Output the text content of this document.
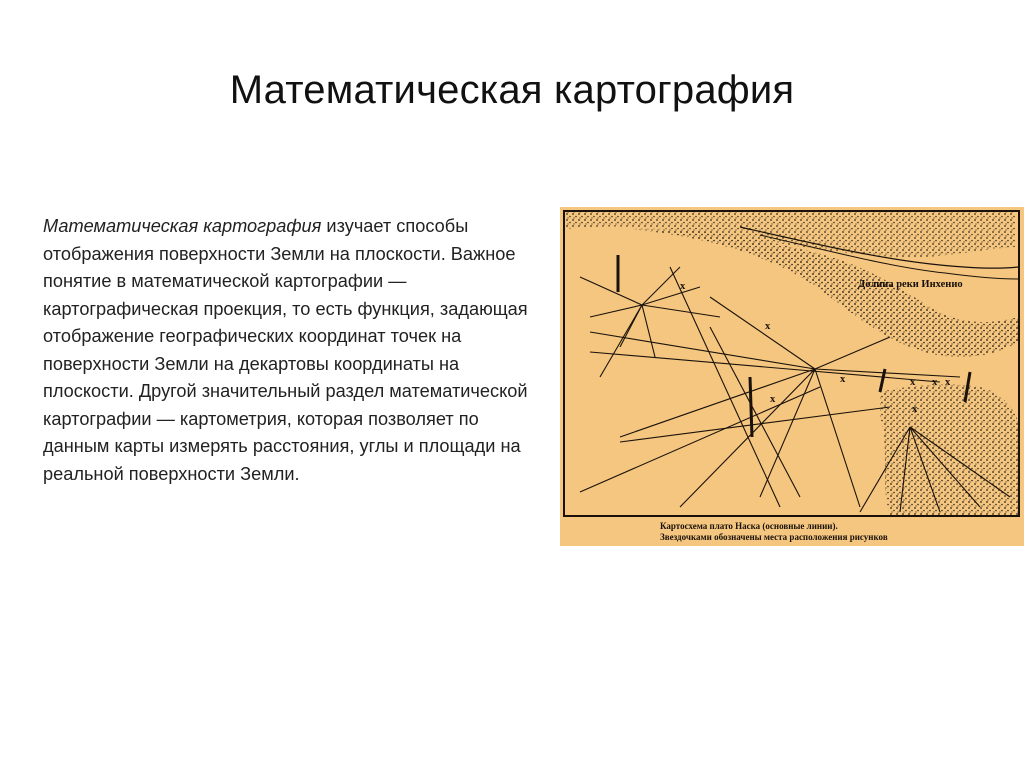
Математическая картография

Математическая картография изучает способы отображения поверхности Земли на плоскости. Важное понятие в математической картографии — картографическая проекция, то есть функция, задающая отображение географических координат точек на поверхности Земли на декартовы координаты на плоскости. Другой значительный раздел математической картографии — картометрия, которая позволяет по данным карты измерять расстояния, углы и площади на реальной поверхности Земли.

Долина реки Инхенио
x
x
x
x	x x x
x
Картосхема плато Наска (основные линии).
Звездочками обозначены места расположения рисунков
